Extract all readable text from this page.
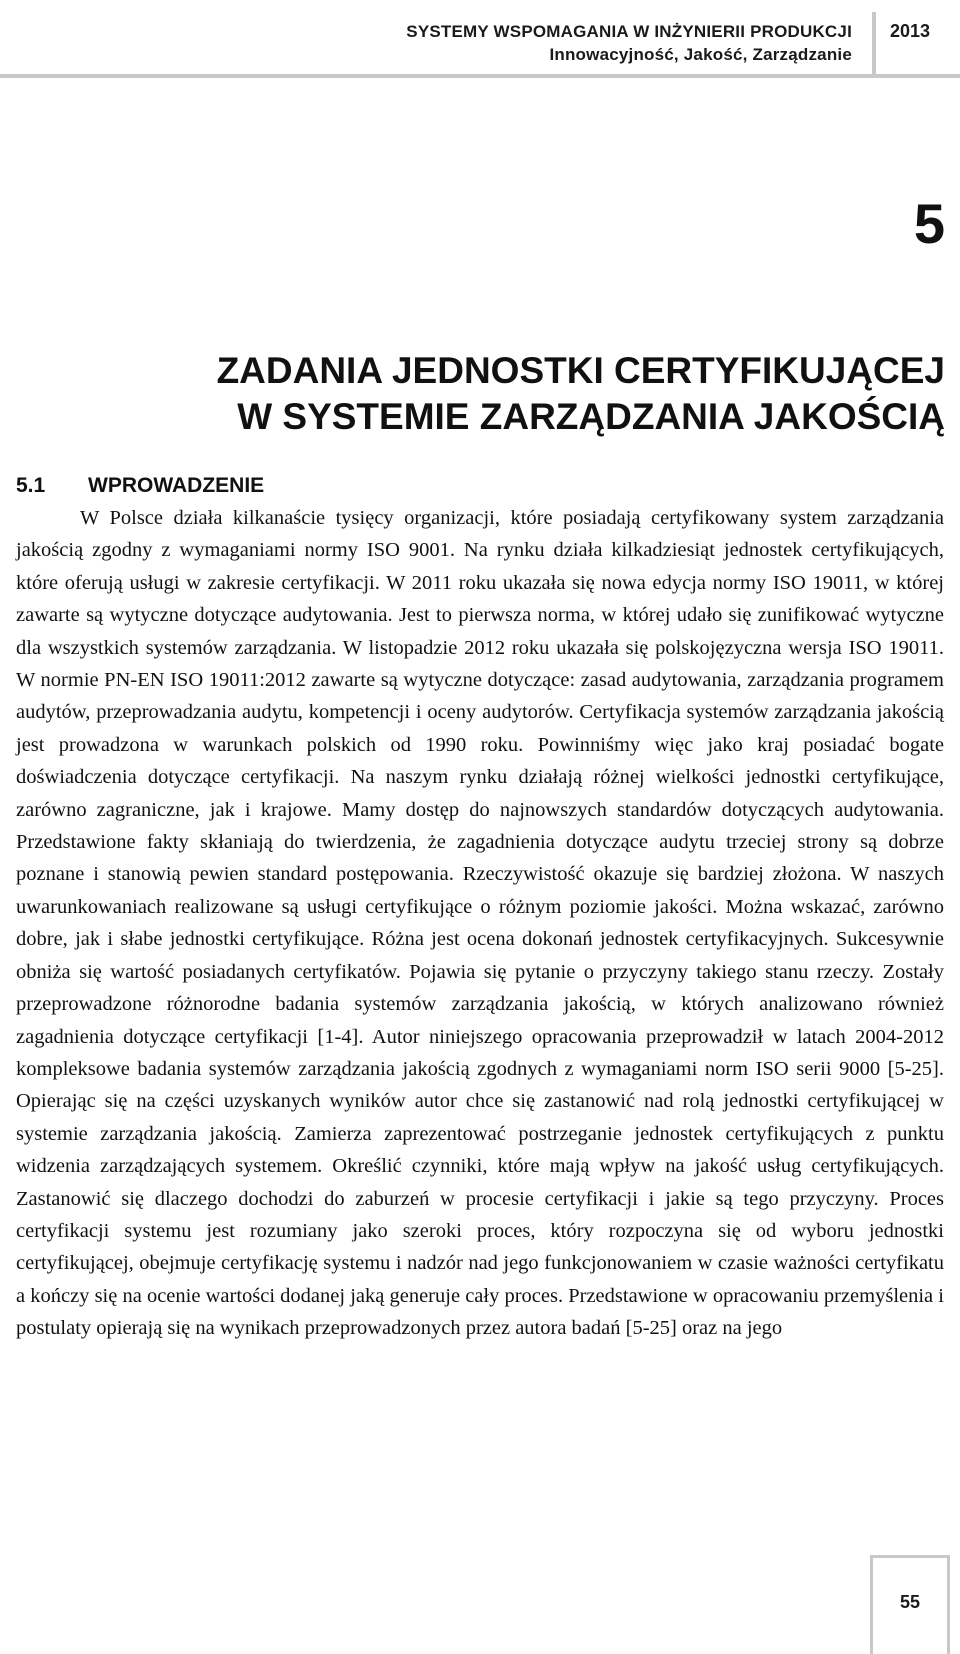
SYSTEMY WSPOMAGANIA W INŻYNIERII PRODUKCJI
Innowacyjność, Jakość, Zarządzanie
2013
5
ZADANIA JEDNOSTKI CERTYFIKUJĄCEJ
W SYSTEMIE ZARZĄDZANIA JAKOŚCIĄ
5.1 WPROWADZENIE

W Polsce działa kilkanaście tysięcy organizacji, które posiadają certyfikowany system zarządzania jakością zgodny z wymaganiami normy ISO 9001. Na rynku działa kilkadziesiąt jednostek certyfikujących, które oferują usługi w zakresie certyfikacji. W 2011 roku ukazała się nowa edycja normy ISO 19011, w której zawarte są wytyczne dotyczące audytowania. Jest to pierwsza norma, w której udało się zunifikować wytyczne dla wszystkich systemów zarządzania. W listopadzie 2012 roku ukazała się polskojęzyczna wersja ISO 19011. W normie PN-EN ISO 19011:2012 zawarte są wytyczne dotyczące: zasad audytowania, zarządzania programem audytów, przeprowadzania audytu, kompetencji i oceny audytorów. Certyfikacja systemów zarządzania jakością jest prowadzona w warunkach polskich od 1990 roku. Powinniśmy więc jako kraj posiadać bogate doświadczenia dotyczące certyfikacji. Na naszym rynku działają różnej wielkości jednostki certyfikujące, zarówno zagraniczne, jak i krajowe. Mamy dostęp do najnowszych standardów dotyczących audytowania. Przedstawione fakty skłaniają do twierdzenia, że zagadnienia dotyczące audytu trzeciej strony są dobrze poznane i stanowią pewien standard postępowania. Rzeczywistość okazuje się bardziej złożona. W naszych uwarunkowaniach realizowane są usługi certyfikujące o różnym poziomie jakości. Można wskazać, zarówno dobre, jak i słabe jednostki certyfikujące. Różna jest ocena dokonań jednostek certyfikacyjnych. Sukcesywnie obniża się wartość posiadanych certyfikatów. Pojawia się pytanie o przyczyny takiego stanu rzeczy. Zostały przeprowadzone różnorodne badania systemów zarządzania jakością, w których analizowano również zagadnienia dotyczące certyfikacji [1-4]. Autor niniejszego opracowania przeprowadził w latach 2004-2012 kompleksowe badania systemów zarządzania jakością zgodnych z wymaganiami norm ISO serii 9000 [5-25]. Opierając się na części uzyskanych wyników autor chce się zastanowić nad rolą jednostki certyfikującej w systemie zarządzania jakością. Zamierza zaprezentować postrzeganie jednostek certyfikujących z punktu widzenia zarządzających systemem. Określić czynniki, które mają wpływ na jakość usług certyfikujących. Zastanowić się dlaczego dochodzi do zaburzeń w procesie certyfikacji i jakie są tego przyczyny. Proces certyfikacji systemu jest rozumiany jako szeroki proces, który rozpoczyna się od wyboru jednostki certyfikującej, obejmuje certyfikację systemu i nadzór nad jego funkcjonowaniem w czasie ważności certyfikatu a kończy się na ocenie wartości dodanej jaką generuje cały proces. Przedstawione w opracowaniu przemyślenia i postulaty opierają się na wynikach przeprowadzonych przez autora badań [5-25] oraz na jego

55
